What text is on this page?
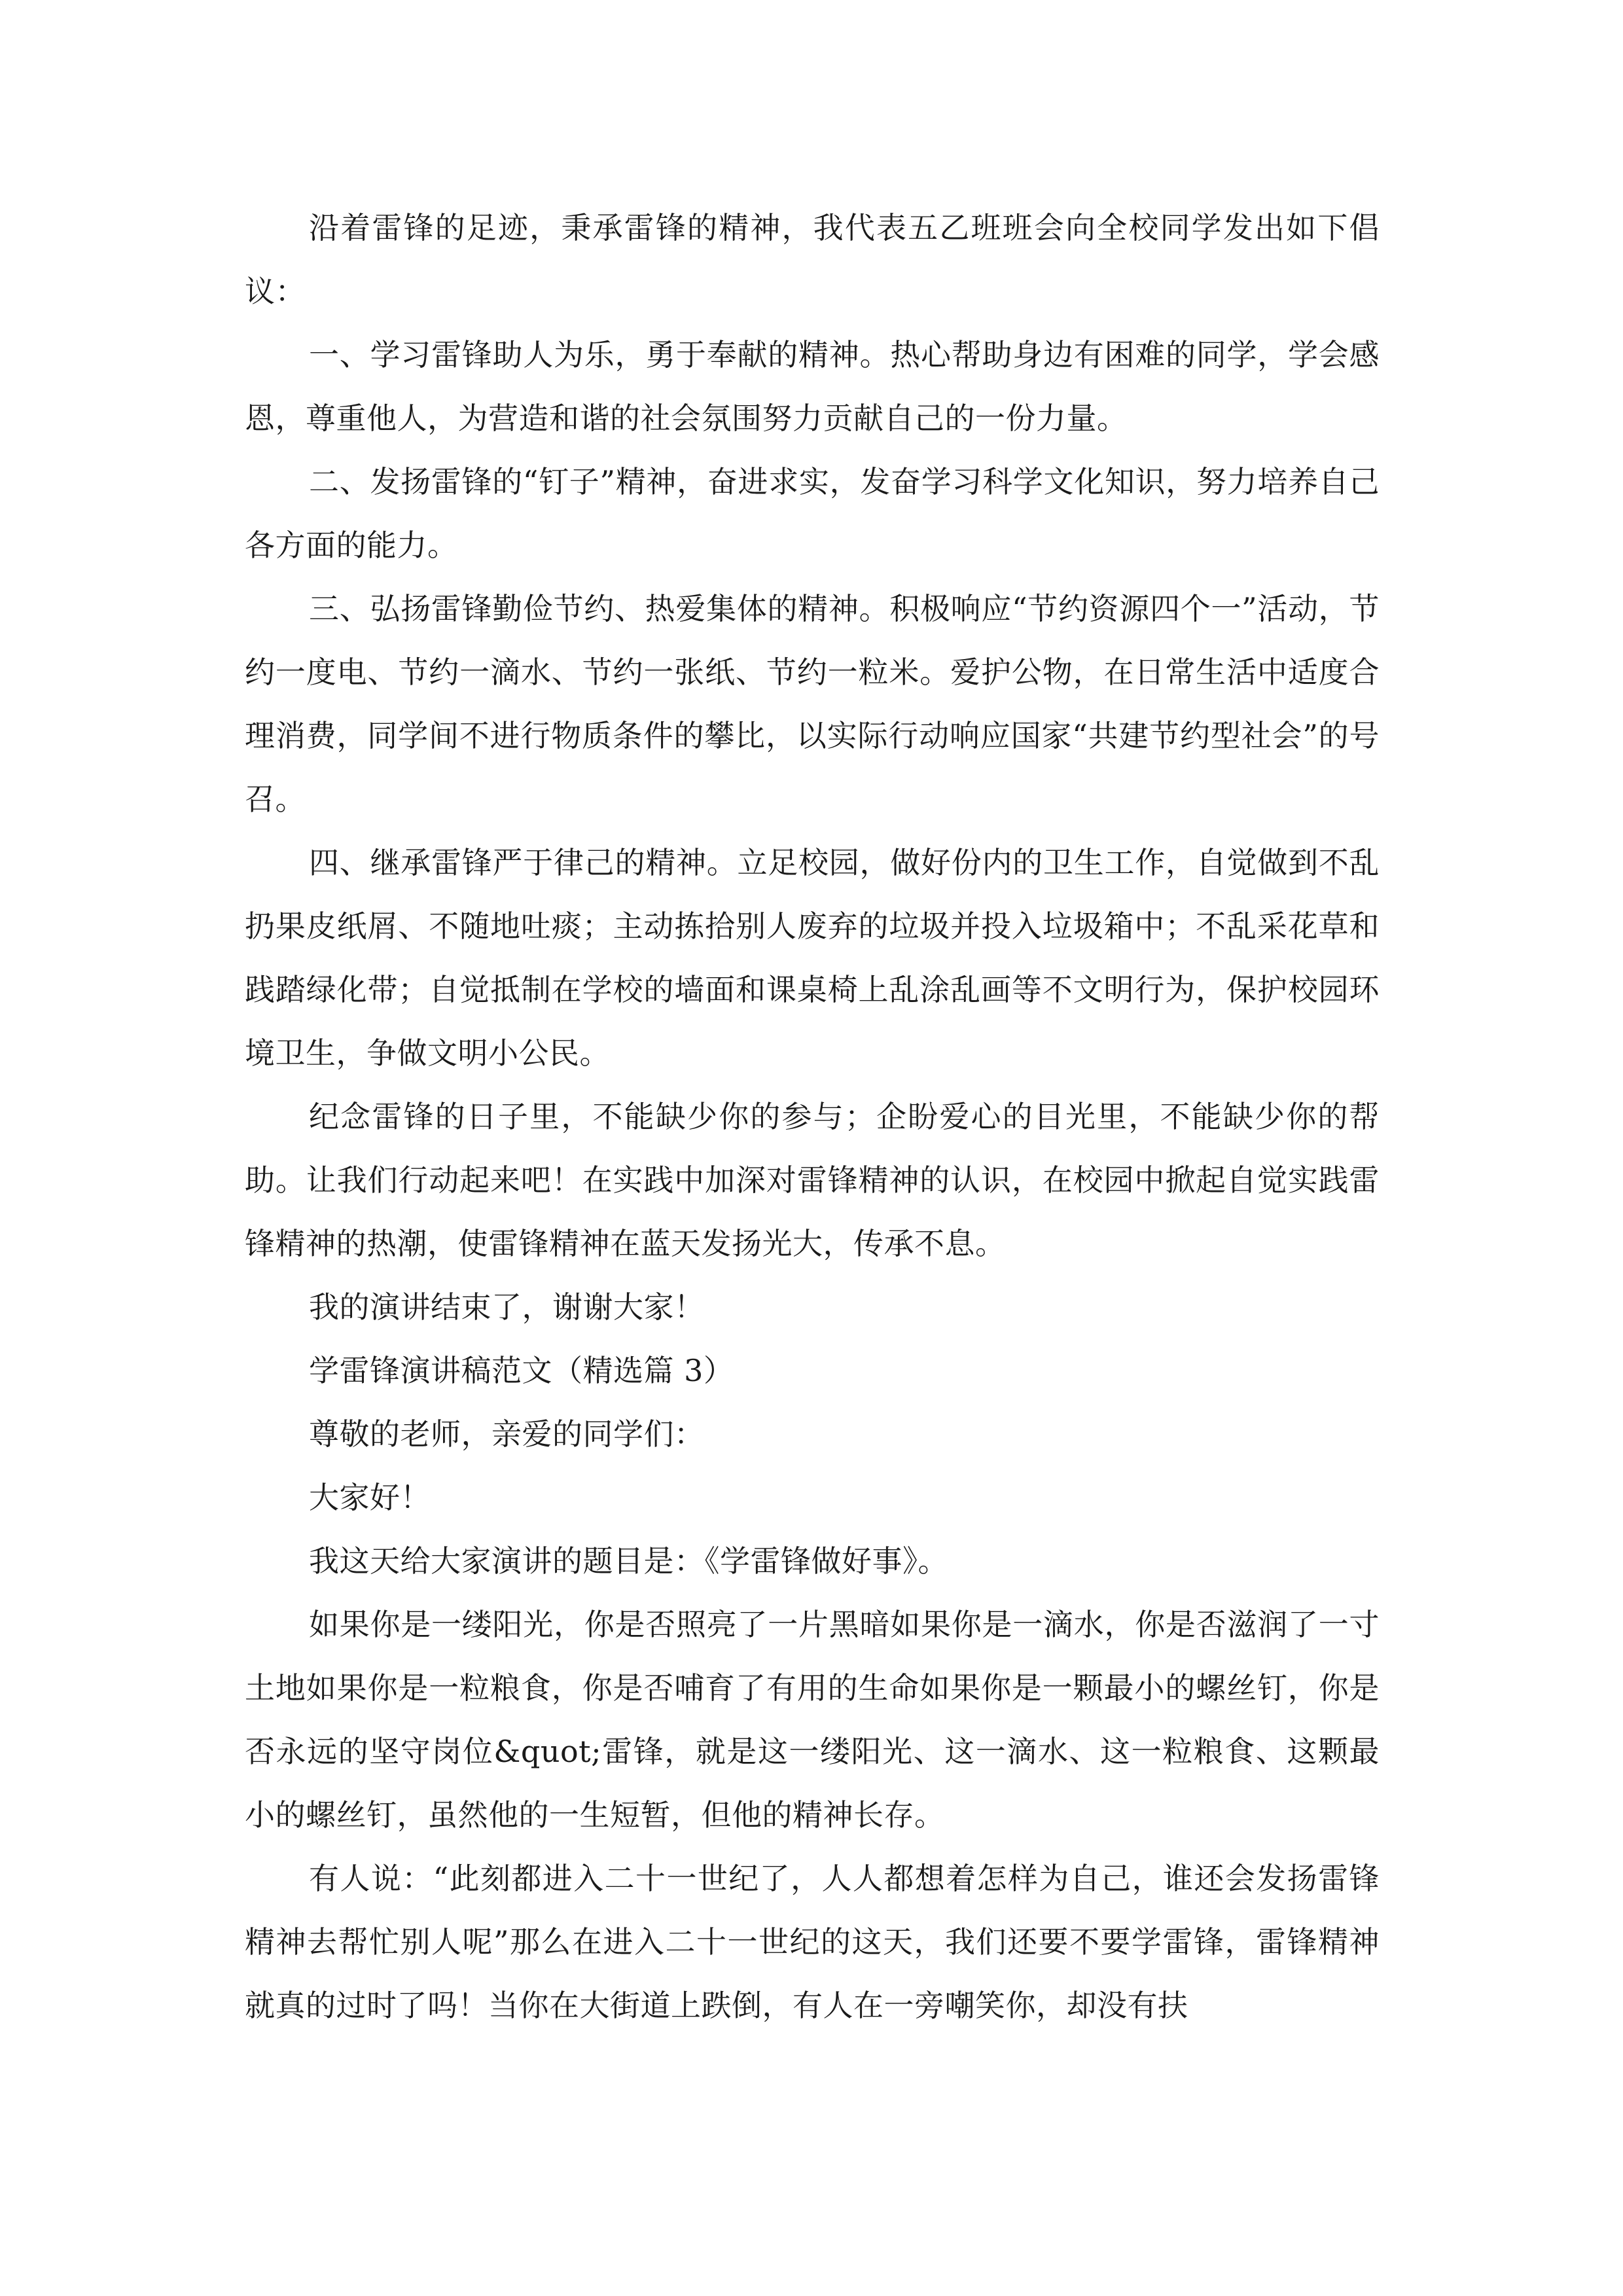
沿着雷锋的足迹，秉承雷锋的精神，我代表五乙班班会向全校同学发出如下倡议：

一、学习雷锋助人为乐，勇于奉献的精神。热心帮助身边有困难的同学，学会感恩，尊重他人，为营造和谐的社会氛围努力贡献自己的一份力量。

二、发扬雷锋的“钉子”精神，奋进求实，发奋学习科学文化知识，努力培养自己各方面的能力。

三、弘扬雷锋勤俭节约、热爱集体的精神。积极响应“节约资源四个一”活动，节约一度电、节约一滴水、节约一张纸、节约一粒米。爱护公物，在日常生活中适度合理消费，同学间不进行物质条件的攀比，以实际行动响应国家“共建节约型社会”的号召。

四、继承雷锋严于律己的精神。立足校园，做好份内的卫生工作，自觉做到不乱扔果皮纸屑、不随地吐痰；主动拣拾别人废弃的垃圾并投入垃圾箱中；不乱采花草和践踏绿化带；自觉抵制在学校的墙面和课桌椅上乱涂乱画等不文明行为，保护校园环境卫生，争做文明小公民。

纪念雷锋的日子里，不能缺少你的参与；企盼爱心的目光里，不能缺少你的帮助。让我们行动起来吧！在实践中加深对雷锋精神的认识，在校园中掀起自觉实践雷锋精神的热潮，使雷锋精神在蓝天发扬光大，传承不息。

我的演讲结束了，谢谢大家！

学雷锋演讲稿范文（精选篇 3）

尊敬的老师，亲爱的同学们：

大家好！

我这天给大家演讲的题目是：《学雷锋做好事》。

如果你是一缕阳光，你是否照亮了一片黑暗如果你是一滴水，你是否滋润了一寸土地如果你是一粒粮食，你是否哺育了有用的生命如果你是一颗最小的螺丝钉，你是否永远的坚守岗位&quot;雷锋，就是这一缕阳光、这一滴水、这一粒粮食、这颗最小的螺丝钉，虽然他的一生短暂，但他的精神长存。

有人说：“此刻都进入二十一世纪了，人人都想着怎样为自己，谁还会发扬雷锋精神去帮忙别人呢”那么在进入二十一世纪的这天，我们还要不要学雷锋，雷锋精神就真的过时了吗！当你在大街道上跌倒，有人在一旁嘲笑你，却没有扶
